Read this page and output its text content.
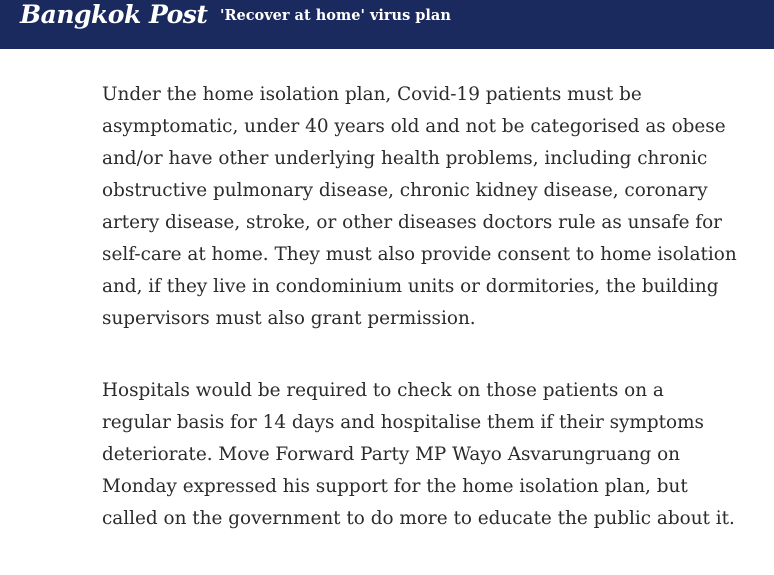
Bangkok Post 'Recover at home' virus plan

Under the home isolation plan, Covid-19 patients must be asymptomatic, under 40 years old and not be categorised as obese and/or have other underlying health problems, including chronic obstructive pulmonary disease, chronic kidney disease, coronary artery disease, stroke, or other diseases doctors rule as unsafe for self-care at home. They must also provide consent to home isolation and, if they live in condominium units or dormitories, the building supervisors must also grant permission.

Hospitals would be required to check on those patients on a regular basis for 14 days and hospitalise them if their symptoms deteriorate. Move Forward Party MP Wayo Asvarungruang on Monday expressed his support for the home isolation plan, but called on the government to do more to educate the public about it.
